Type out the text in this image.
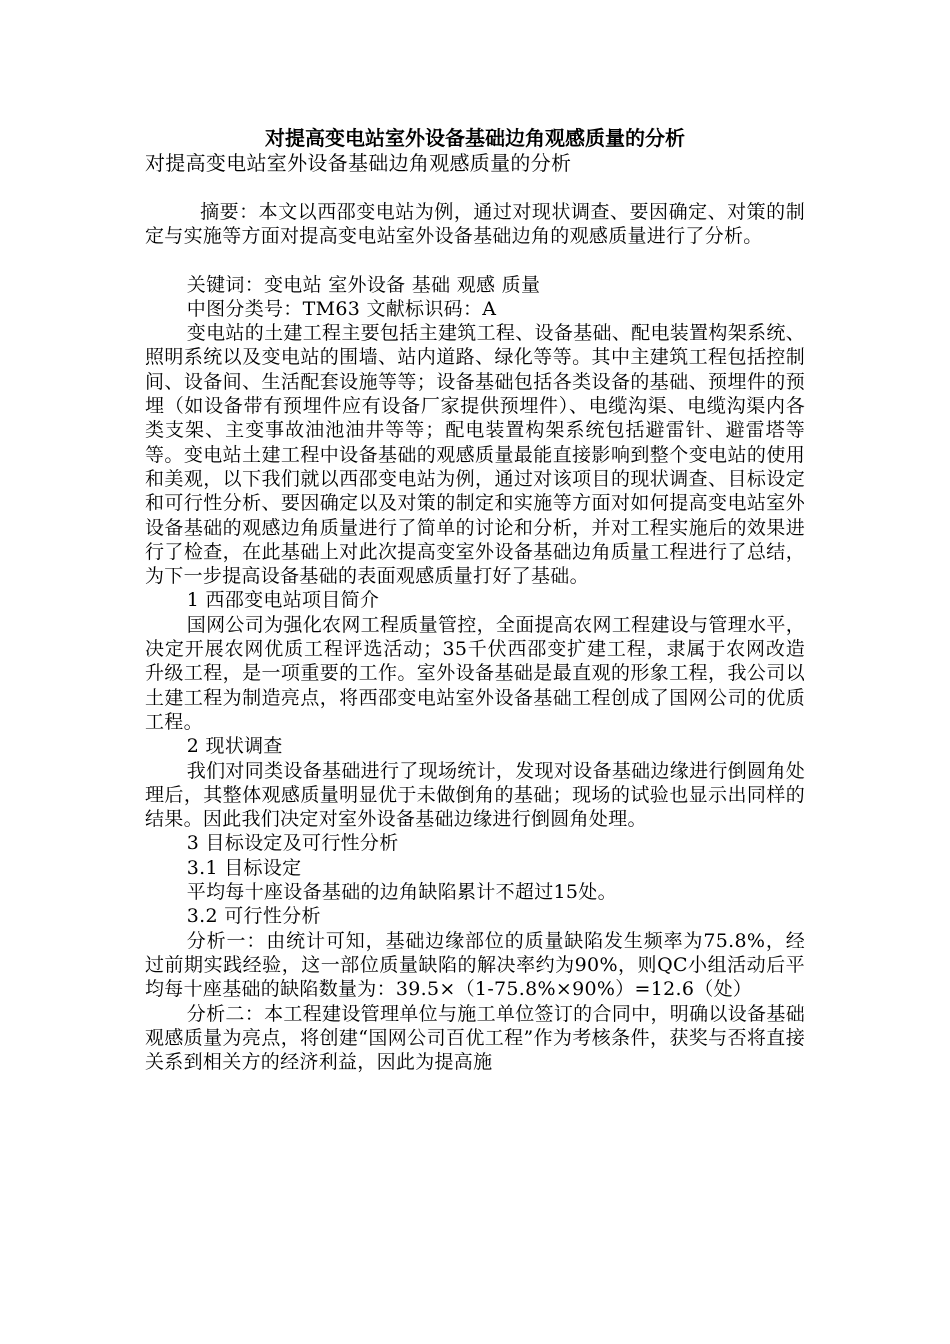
对提高变电站室外设备基础边角观感质量的分析

对提高变电站室外设备基础边角观感质量的分析

摘要：本文以西邵变电站为例，通过对现状调查、要因确定、对策的制定与实施等方面对提高变电站室外设备基础边角的观感质量进行了分析。

关键词：变电站 室外设备 基础 观感 质量

中图分类号：TM63 文献标识码：A

变电站的土建工程主要包括主建筑工程、设备基础、配电装置构架系统、照明系统以及变电站的围墙、站内道路、绿化等等。其中主建筑工程包括控制间、设备间、生活配套设施等等；设备基础包括各类设备的基础、预埋件的预埋（如设备带有预埋件应有设备厂家提供预埋件）、电缆沟渠、电缆沟渠内各类支架、主变事故油池油井等等；配电装置构架系统包括避雷针、避雷塔等等。变电站土建工程中设备基础的观感质量最能直接影响到整个变电站的使用和美观，以下我们就以西邵变电站为例，通过对该项目的现状调查、目标设定和可行性分析、要因确定以及对策的制定和实施等方面对如何提高变电站室外设备基础的观感边角质量进行了简单的讨论和分析，并对工程实施后的效果进行了检查，在此基础上对此次提高变室外设备基础边角质量工程进行了总结，为下一步提高设备基础的表面观感质量打好了基础。

1 西邵变电站项目简介

国网公司为强化农网工程质量管控，全面提高农网工程建设与管理水平，决定开展农网优质工程评选活动；35千伏西邵变扩建工程，隶属于农网改造升级工程，是一项重要的工作。室外设备基础是最直观的形象工程，我公司以土建工程为制造亮点，将西邵变电站室外设备基础工程创成了国网公司的优质工程。

2 现状调查

我们对同类设备基础进行了现场统计，发现对设备基础边缘进行倒圆角处理后，其整体观感质量明显优于未做倒角的基础；现场的试验也显示出同样的结果。因此我们决定对室外设备基础边缘进行倒圆角处理。

3 目标设定及可行性分析

3.1 目标设定

平均每十座设备基础的边角缺陷累计不超过15处。

3.2 可行性分析

分析一：由统计可知，基础边缘部位的质量缺陷发生频率为75.8%，经过前期实践经验，这一部位质量缺陷的解决率约为90%，则QC小组活动后平均每十座基础的缺陷数量为：39.5×（1-75.8%×90%）=12.6（处）

分析二：本工程建设管理单位与施工单位签订的合同中，明确以设备基础观感质量为亮点，将创建“国网公司百优工程”作为考核条件，获奖与否将直接关系到相关方的经济利益，因此为提高施
